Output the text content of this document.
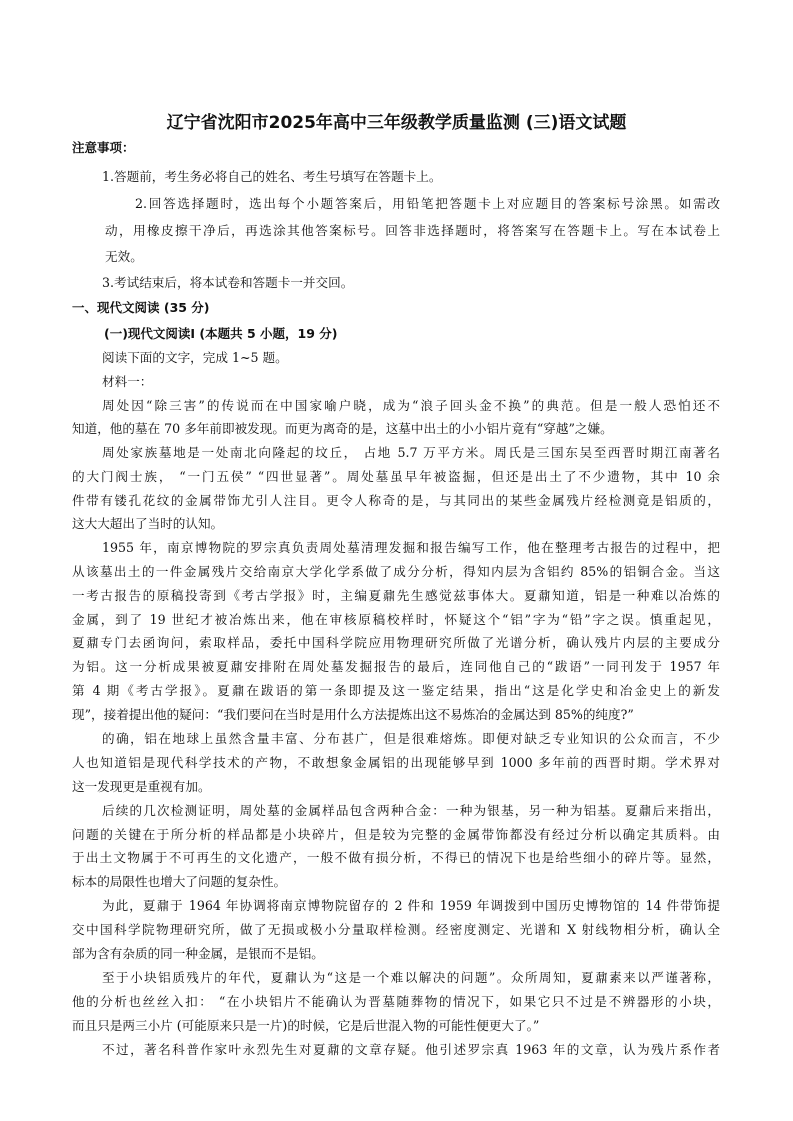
辽宁省沈阳市2025年高中三年级教学质量监测 (三)语文试题
注意事项：
1.答题前，考生务必将自己的姓名、考生号填写在答题卡上。
2.回答选择题时，选出每个小题答案后，用铅笔把答题卡上对应题目的答案标号涂黑。如需改
动，用橡皮擦干净后，再选涂其他答案标号。回答非选择题时，将答案写在答题卡上。写在本试卷上
无效。
3.考试结束后，将本试卷和答题卡一并交回。
一、现代文阅读 (35 分)
(一)现代文阅读Ⅰ (本题共 5 小题，19 分)
阅读下面的文字，完成 1~5 题。
材料一：
周处因“除三害”的传说而在中国家喻户晓，成为“浪子回头金不换”的典范。但是一般人恐怕还不
知道，他的墓在 70 多年前即被发现。而更为离奇的是，这墓中出土的小小铝片竟有“穿越”之嫌。
周处家族墓地是一处南北向隆起的坟丘， 占地 5.7 万平方米。周氏是三国东吴至西晋时期江南著名
的大门阀士族， “一门五侯” “四世显著”。周处墓虽早年被盗掘，但还是出土了不少遗物，其中 10 余
件带有镂孔花纹的金属带饰尤引人注目。更令人称奇的是，与其同出的某些金属残片经检测竟是铝质的，
这大大超出了当时的认知。
1955 年，南京博物院的罗宗真负责周处墓清理发掘和报告编写工作，他在整理考古报告的过程中，把
从该墓出土的一件金属残片交给南京大学化学系做了成分分析，得知内层为含铝约 85%的铝铜合金。当这
一考古报告的原稿投寄到《考古学报》时，主编夏鼐先生感觉兹事体大。夏鼐知道，铝是一种难以冶炼的
金属，到了 19 世纪才被冶炼出来，他在审核原稿校样时，怀疑这个“铝”字为“铅”字之误。慎重起见，
夏鼐专门去函询问，索取样品，委托中国科学院应用物理研究所做了光谱分析，确认残片内层的主要成分
为铝。这一分析成果被夏鼐安排附在周处墓发掘报告的最后，连同他自己的“跋语”一同刊发于 1957 年
第 4 期《考古学报》。夏鼐在跋语的第一条即提及这一鉴定结果，指出“这是化学史和冶金史上的新发
现”，接着提出他的疑问：“我们要问在当时是用什么方法提炼出这不易炼冶的金属达到 85%的纯度?”
的确，铝在地球上虽然含量丰富、分布甚广，但是很难熔炼。即便对缺乏专业知识的公众而言，不少
人也知道铝是现代科学技术的产物，不敢想象金属铝的出现能够早到 1000 多年前的西晋时期。学术界对
这一发现更是重视有加。
后续的几次检测证明，周处墓的金属样品包含两种合金：一种为银基，另一种为铝基。夏鼐后来指出，
问题的关键在于所分析的样品都是小块碎片，但是较为完整的金属带饰都没有经过分析以确定其质料。由
于出土文物属于不可再生的文化遗产，一般不做有损分析，不得已的情况下也是给些细小的碎片等。显然，
标本的局限性也增大了问题的复杂性。
为此，夏鼐于 1964 年协调将南京博物院留存的 2 件和 1959 年调拨到中国历史博物馆的 14 件带饰提
交中国科学院物理研究所，做了无损或极小分量取样检测。经密度测定、光谱和 X 射线物相分析，确认全
部为含有杂质的同一种金属，是银而不是铝。
至于小块铝质残片的年代，夏鼐认为“这是一个难以解决的问题”。众所周知，夏鼐素来以严谨著称，
他的分析也丝丝入扣： “在小块铝片不能确认为晋墓随葬物的情况下，如果它只不过是不辨器形的小块，
而且只是两三小片 (可能原来只是一片)的时候，它是后世混入物的可能性便更大了。”
不过，著名科普作家叶永烈先生对夏鼐的文章存疑。他引述罗宗真 1963 年的文章，认为残片系作者
